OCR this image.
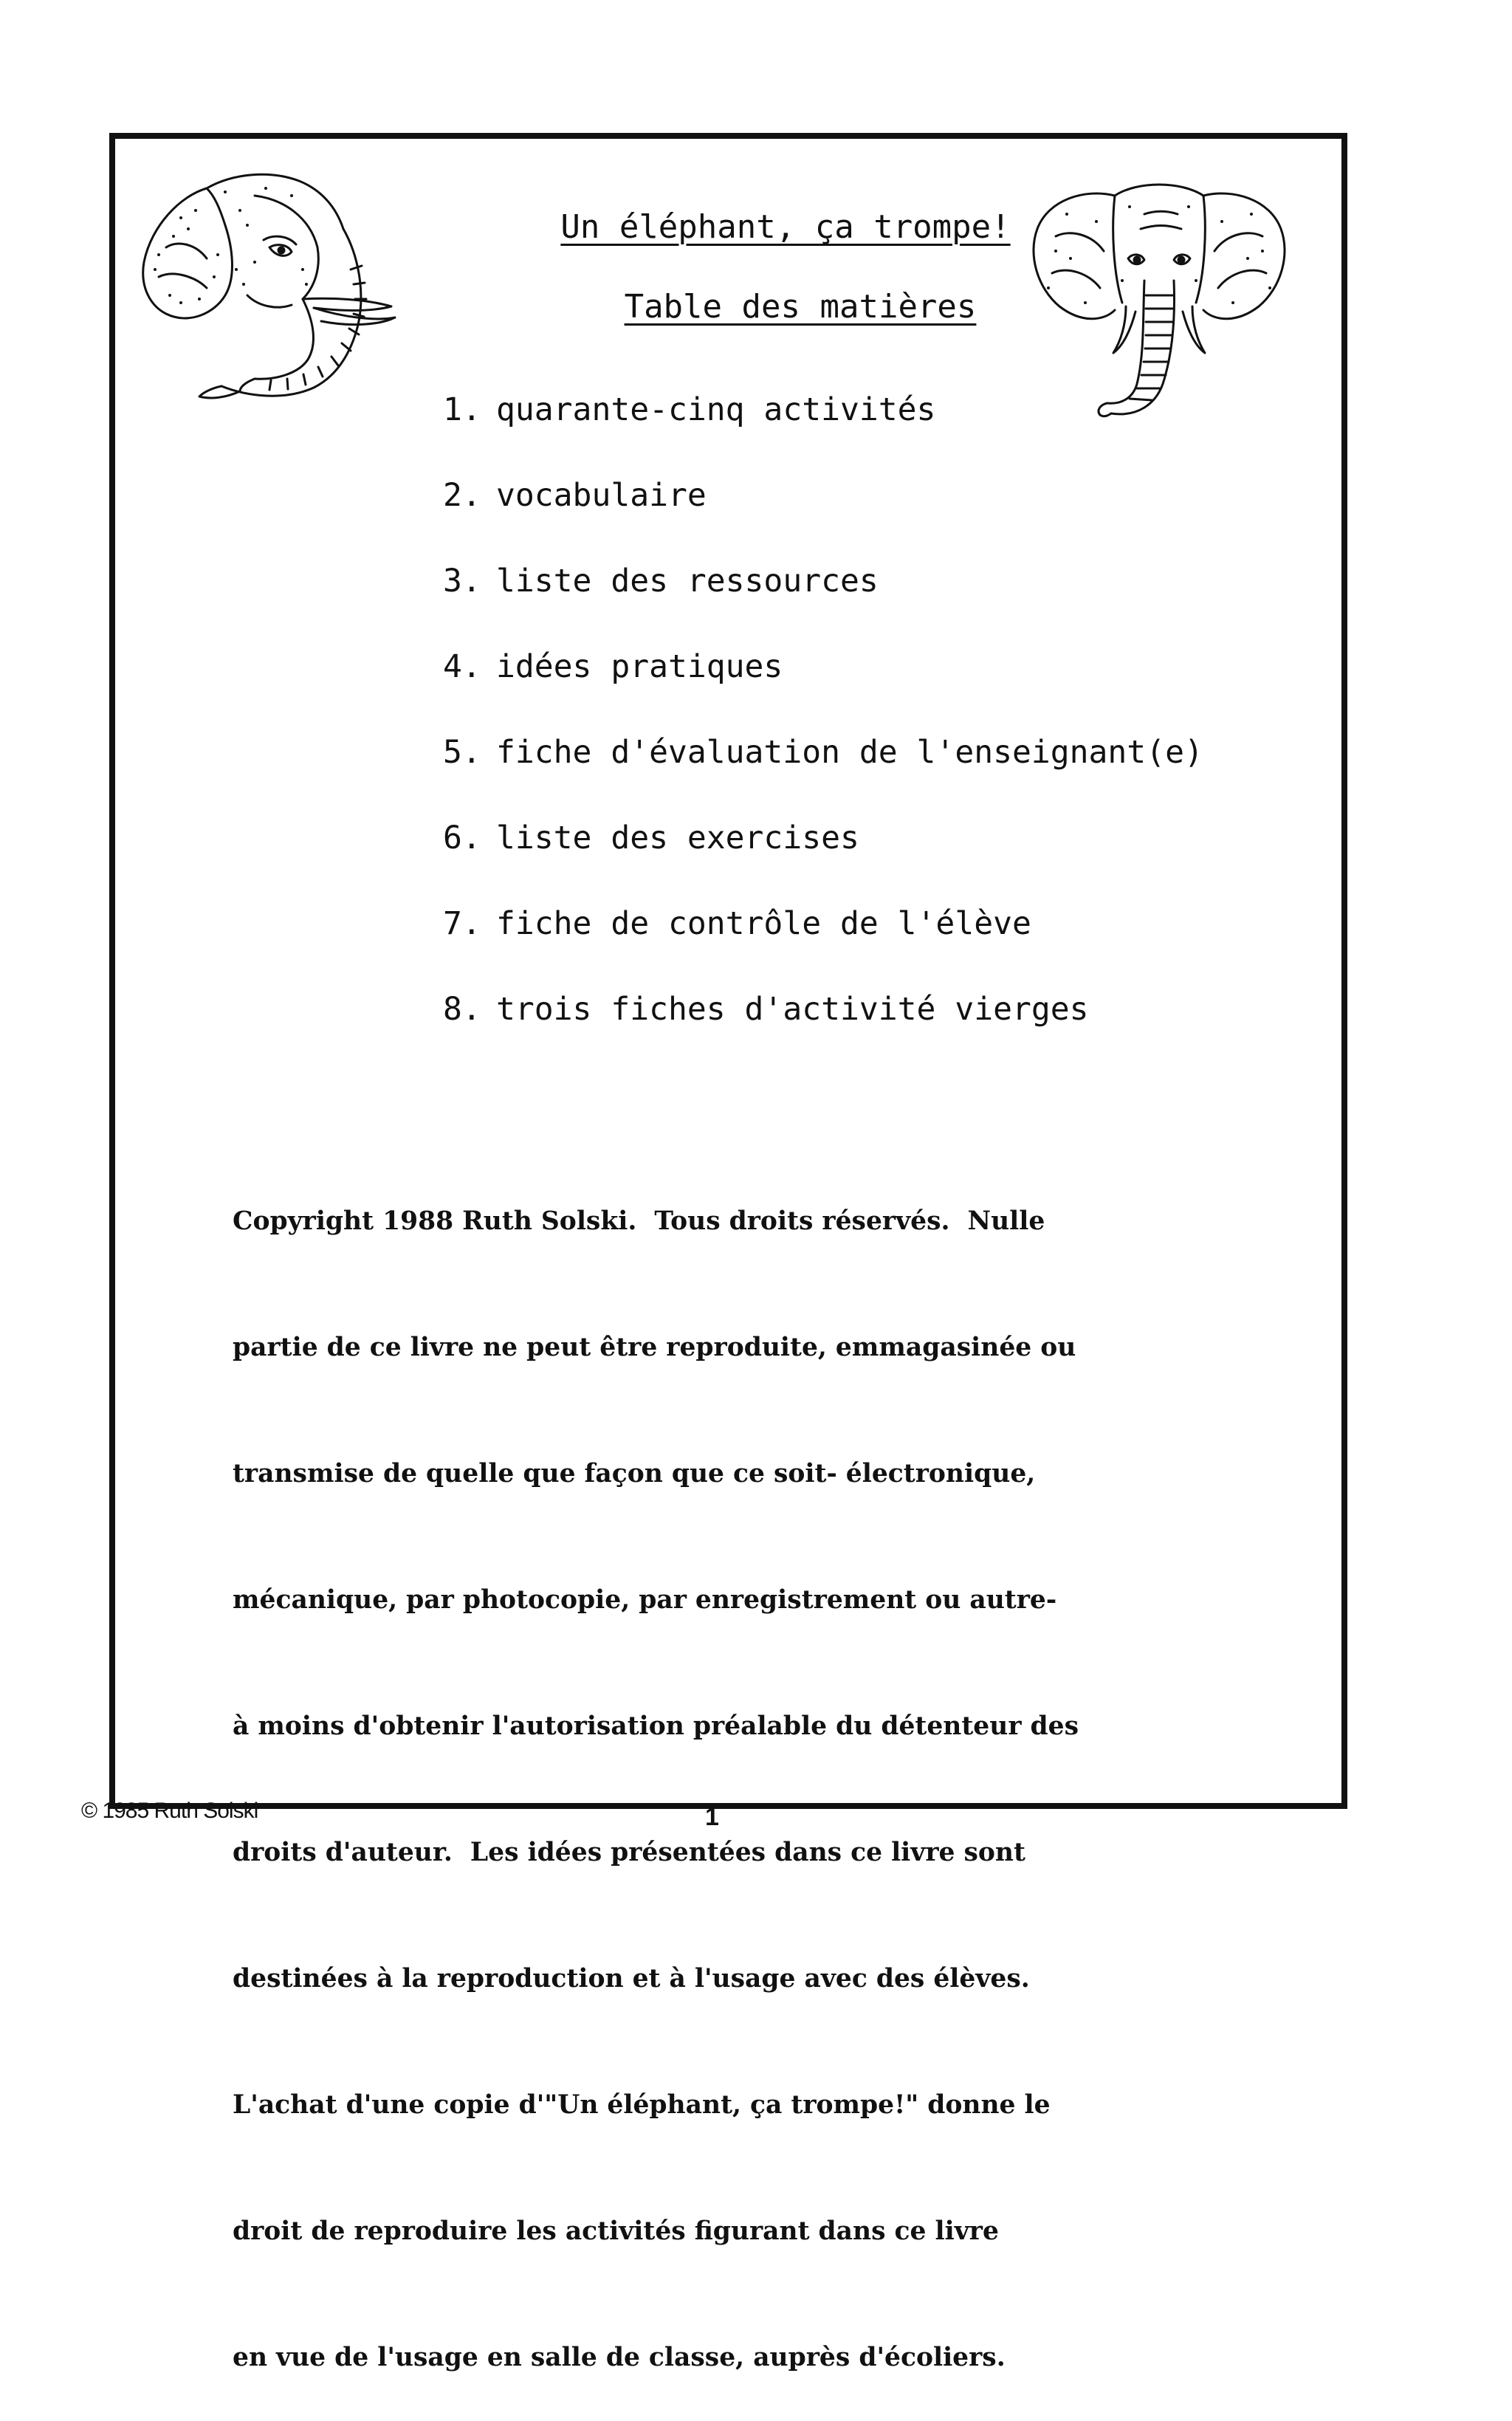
Un éléphant, ça trompe!
Table des matières
1. quarante-cinq activités
2. vocabulaire
3. liste des ressources
4. idées pratiques
5. fiche d'évaluation de l'enseignant(e)
6. liste des exercises
7. fiche de contrôle de l'élève
8. trois fiches d'activité vierges

Copyright 1988 Ruth Solski.  Tous droits réservés.  Nulle

partie de ce livre ne peut être reproduite, emmagasinée ou

transmise de quelle que façon que ce soit- électronique,

mécanique, par photocopie, par enregistrement ou autre-

à moins d'obtenir l'autorisation préalable du détenteur des

droits d'auteur.  Les idées présentées dans ce livre sont

destinées à la reproduction et à l'usage avec des élèves.

L'achat d'une copie d'"Un éléphant, ça trompe!" donne le

droit de reproduire les activités figurant dans ce livre

en vue de l'usage en salle de classe, auprès d'écoliers.

© 1985 Ruth Solski	1
